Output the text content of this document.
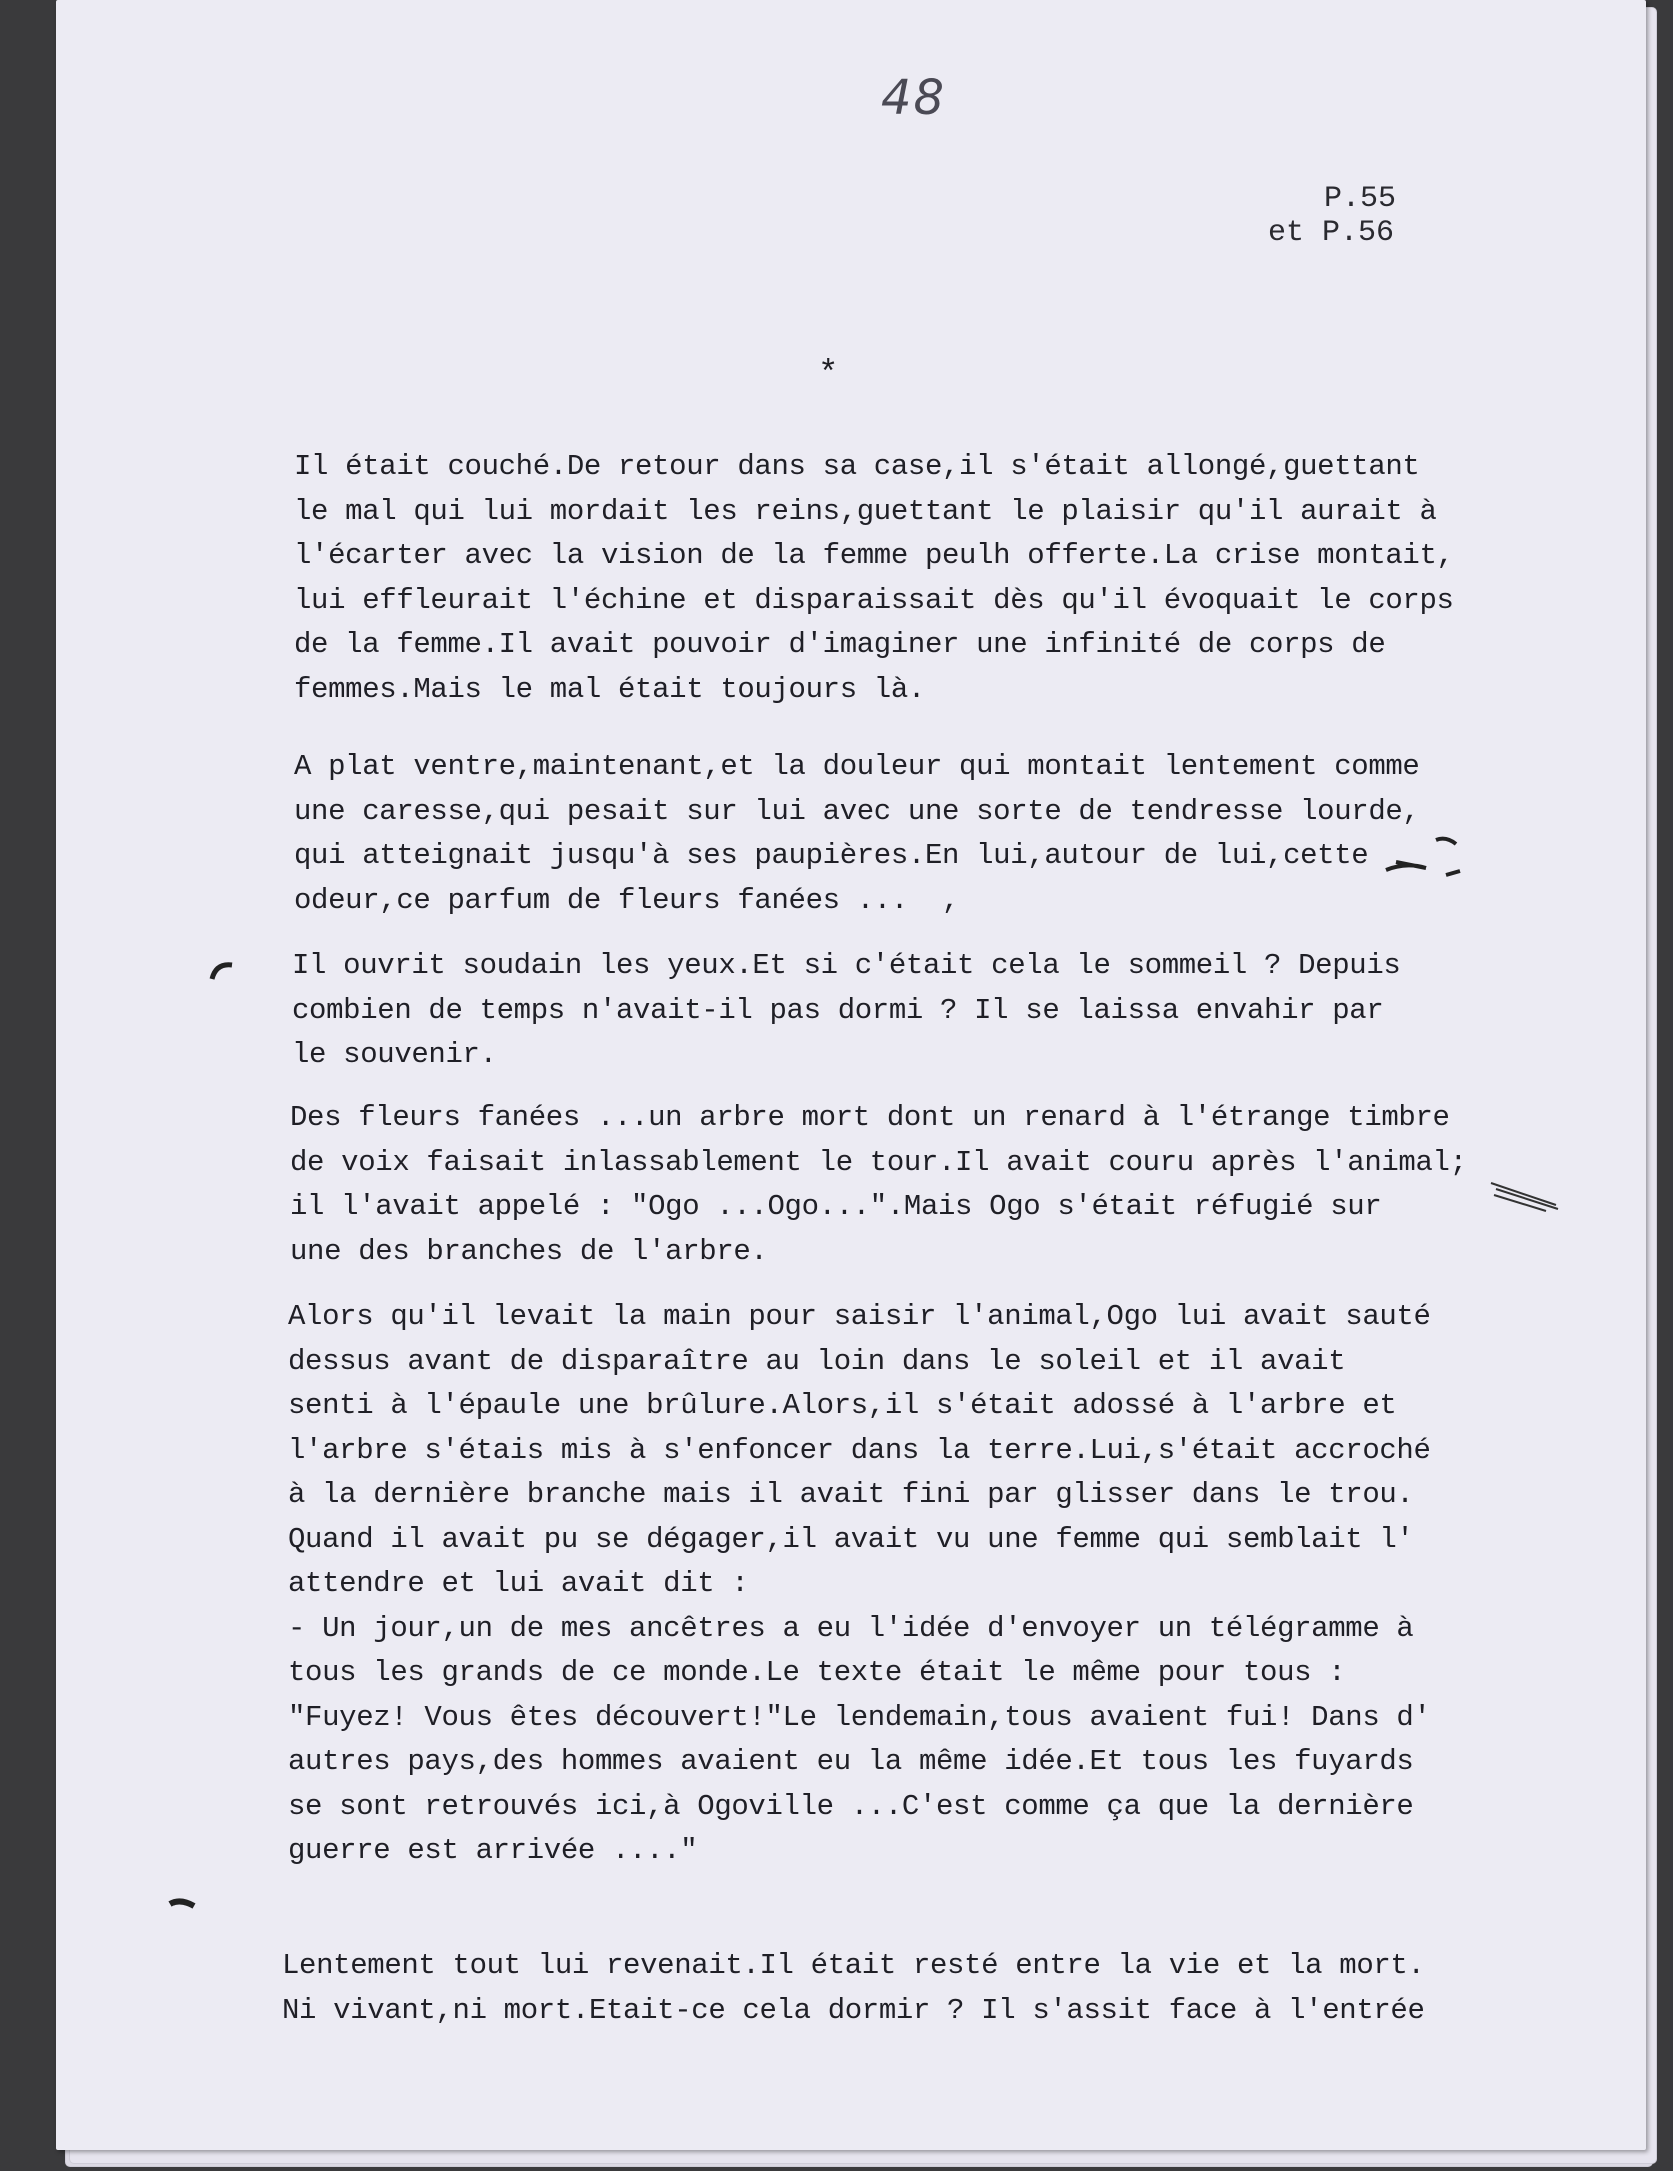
48
P.55
et P.56
*
Il était couché.De retour dans sa case,il s'était allongé,guettant
le mal qui lui mordait les reins,guettant le plaisir qu'il aurait à
l'écarter avec la vision de la femme peulh offerte.La crise montait,
lui effleurait l'échine et disparaissait dès qu'il évoquait le corps
de la femme.Il avait pouvoir d'imaginer une infinité de corps de
femmes.Mais le mal était toujours là.
A plat ventre,maintenant,et la douleur qui montait lentement comme
une caresse,qui pesait sur lui avec une sorte de tendresse lourde,
qui atteignait jusqu'à ses paupières.En lui,autour de lui,cette
odeur,ce parfum de fleurs fanées ...  ,
Il ouvrit soudain les yeux.Et si c'était cela le sommeil ? Depuis
combien de temps n'avait-il pas dormi ? Il se laissa envahir par
le souvenir.
Des fleurs fanées ...un arbre mort dont un renard à l'étrange timbre
de voix faisait inlassablement le tour.Il avait couru après l'animal;
il l'avait appelé : "Ogo ...Ogo...".Mais Ogo s'était réfugié sur
une des branches de l'arbre.
Alors qu'il levait la main pour saisir l'animal,Ogo lui avait sauté
dessus avant de disparaître au loin dans le soleil et il avait
senti à l'épaule une brûlure.Alors,il s'était adossé à l'arbre et
l'arbre s'étais mis à s'enfoncer dans la terre.Lui,s'était accroché
à la dernière branche mais il avait fini par glisser dans le trou.
Quand il avait pu se dégager,il avait vu une femme qui semblait l'
attendre et lui avait dit :
- Un jour,un de mes ancêtres a eu l'idée d'envoyer un télégramme à
tous les grands de ce monde.Le texte était le même pour tous :
"Fuyez! Vous êtes découvert!"Le lendemain,tous avaient fui! Dans d'
autres pays,des hommes avaient eu la même idée.Et tous les fuyards
se sont retrouvés ici,à Ogoville ...C'est comme ça que la dernière
guerre est arrivée ...."
Lentement tout lui revenait.Il était resté entre la vie et la mort.
Ni vivant,ni mort.Etait-ce cela dormir ? Il s'assit face à l'entrée
